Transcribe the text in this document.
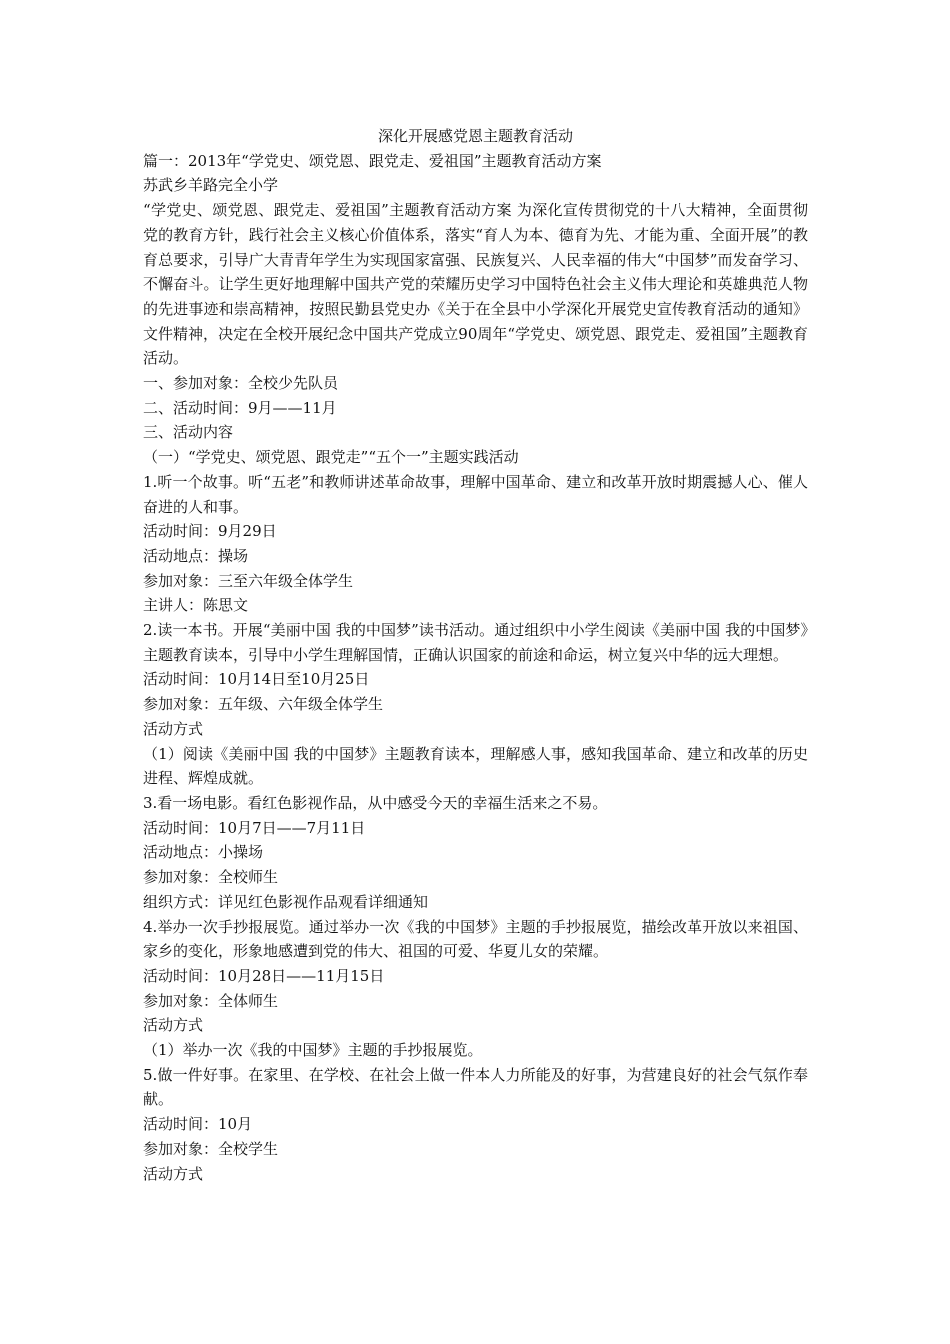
深化开展感党恩主题教育活动

篇一：2013年“学党史、颂党恩、跟党走、爱祖国”主题教育活动方案

苏武乡羊路完全小学

“学党史、颂党恩、跟党走、爱祖国”主题教育活动方案 为深化宣传贯彻党的十八大精神，全面贯彻党的教育方针，践行社会主义核心价值体系，落实“育人为本、德育为先、才能为重、全面开展”的教育总要求，引导广大青青年学生为实现国家富强、民族复兴、人民幸福的伟大“中国梦”而发奋学习、不懈奋斗。让学生更好地理解中国共产党的荣耀历史学习中国特色社会主义伟大理论和英雄典范人物的先进事迹和崇高精神，按照民勤县党史办《关于在全县中小学深化开展党史宣传教育活动的通知》文件精神，决定在全校开展纪念中国共产党成立90周年“学党史、颂党恩、跟党走、爱祖国”主题教育活动。

一、参加对象：全校少先队员

二、活动时间：9月——11月

三、活动内容

（一）“学党史、颂党恩、跟党走”“五个一”主题实践活动

1.听一个故事。听“五老”和教师讲述革命故事，理解中国革命、建立和改革开放时期震撼人心、催人奋进的人和事。

活动时间：9月29日

活动地点：操场

参加对象：三至六年级全体学生

主讲人：陈思文

2.读一本书。开展“美丽中国 我的中国梦”读书活动。通过组织中小学生阅读《美丽中国 我的中国梦》主题教育读本，引导中小学生理解国情，正确认识国家的前途和命运，树立复兴中华的远大理想。

活动时间：10月14日至10月25日

参加对象：五年级、六年级全体学生

活动方式

（1）阅读《美丽中国 我的中国梦》主题教育读本，理解感人事，感知我国革命、建立和改革的历史进程、辉煌成就。

3.看一场电影。看红色影视作品，从中感受今天的幸福生活来之不易。

活动时间：10月7日——7月11日

活动地点：小操场

参加对象：全校师生

组织方式：详见红色影视作品观看详细通知

4.举办一次手抄报展览。通过举办一次《我的中国梦》主题的手抄报展览，描绘改革开放以来祖国、家乡的变化，形象地感遭到党的伟大、祖国的可爱、华夏儿女的荣耀。

活动时间：10月28日——11月15日

参加对象：全体师生

活动方式

（1）举办一次《我的中国梦》主题的手抄报展览。

5.做一件好事。在家里、在学校、在社会上做一件本人力所能及的好事，为营建良好的社会气氛作奉献。

活动时间：10月

参加对象：全校学生

活动方式
